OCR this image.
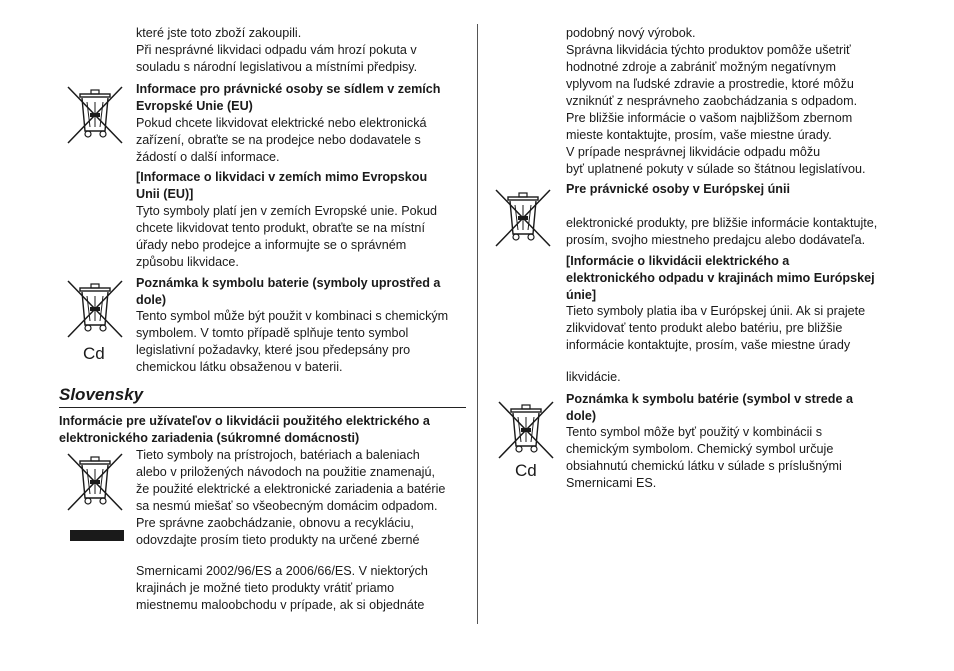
které jste toto zboží zakoupili.
Při nesprávné likvidaci odpadu vám hrozí pokuta v
souladu s národní legislativou a místními předpisy.
Informace pro právnické osoby se sídlem v zemích
Evropské Unie (EU)
Pokud chcete likvidovat elektrické nebo elektronická
zařízení, obraťte se na prodejce nebo dodavatele s
žádostí o další informace.
[Informace o likvidaci v zemích mimo Evropskou
Unii (EU)]
Tyto symboly platí jen v zemích Evropské unie. Pokud
chcete likvidovat tento produkt, obraťte se na místní
úřady nebo prodejce a informujte se o správném
způsobu likvidace.
Cd
Poznámka k symbolu baterie (symboly uprostřed a
dole)
Tento symbol může být použit v kombinaci s chemickým
symbolem. V tomto případě splňuje tento symbol
legislativní požadavky, které jsou předepsány pro
chemickou látku obsaženou v baterii.
Slovensky
Informácie pre užívateľov o likvidácii použitého elektrického a
elektronického zariadenia (súkromné domácnosti)
Tieto symboly na prístrojoch, batériach a baleniach
alebo v priložených návodoch na použitie znamenajú,
že použité elektrické a elektronické zariadenia a batérie
sa nesmú miešať so všeobecným domácim odpadom.
Pre správne zaobchádzanie, obnovu a recykláciu,
odovzdajte prosím tieto produkty na určené zberné
Smernicami 2002/96/ES a 2006/66/ES. V niektorých
krajinách je možné tieto produkty vrátiť priamo
miestnemu maloobchodu v prípade, ak si objednáte
podobný nový výrobok.
Správna likvidácia týchto produktov pomôže ušetriť
hodnotné zdroje a zabrániť možným negatívnym
vplyvom na ľudské zdravie a prostredie, ktoré môžu
vzniknúť z nesprávneho zaobchádzania s odpadom.
Pre bližšie informácie o vašom najbližšom zbernom
mieste kontaktujte, prosím, vaše miestne úrady.
V prípade nesprávnej likvidácie odpadu môžu
byť uplatnené pokuty v súlade so štátnou legislatívou.
Pre právnické osoby v Európskej únii
elektronické produkty, pre bližšie informácie kontaktujte,
prosím, svojho miestneho predajcu alebo dodávateľa.
[Informácie o likvidácii elektrického a
elektronického odpadu v krajinách mimo Európskej
únie]
Tieto symboly platia iba v Európskej únii. Ak si prajete
zlikvidovať tento produkt alebo batériu, pre bližšie
informácie kontaktujte, prosím, vaše miestne úrady
likvidácie.
Cd
Poznámka k symbolu batérie (symbol v strede a
dole)
Tento symbol môže byť použitý v kombinácii s
chemickým symbolom. Chemický symbol určuje
obsiahnutú chemickú látku v súlade s príslušnými
Smernicami ES.
